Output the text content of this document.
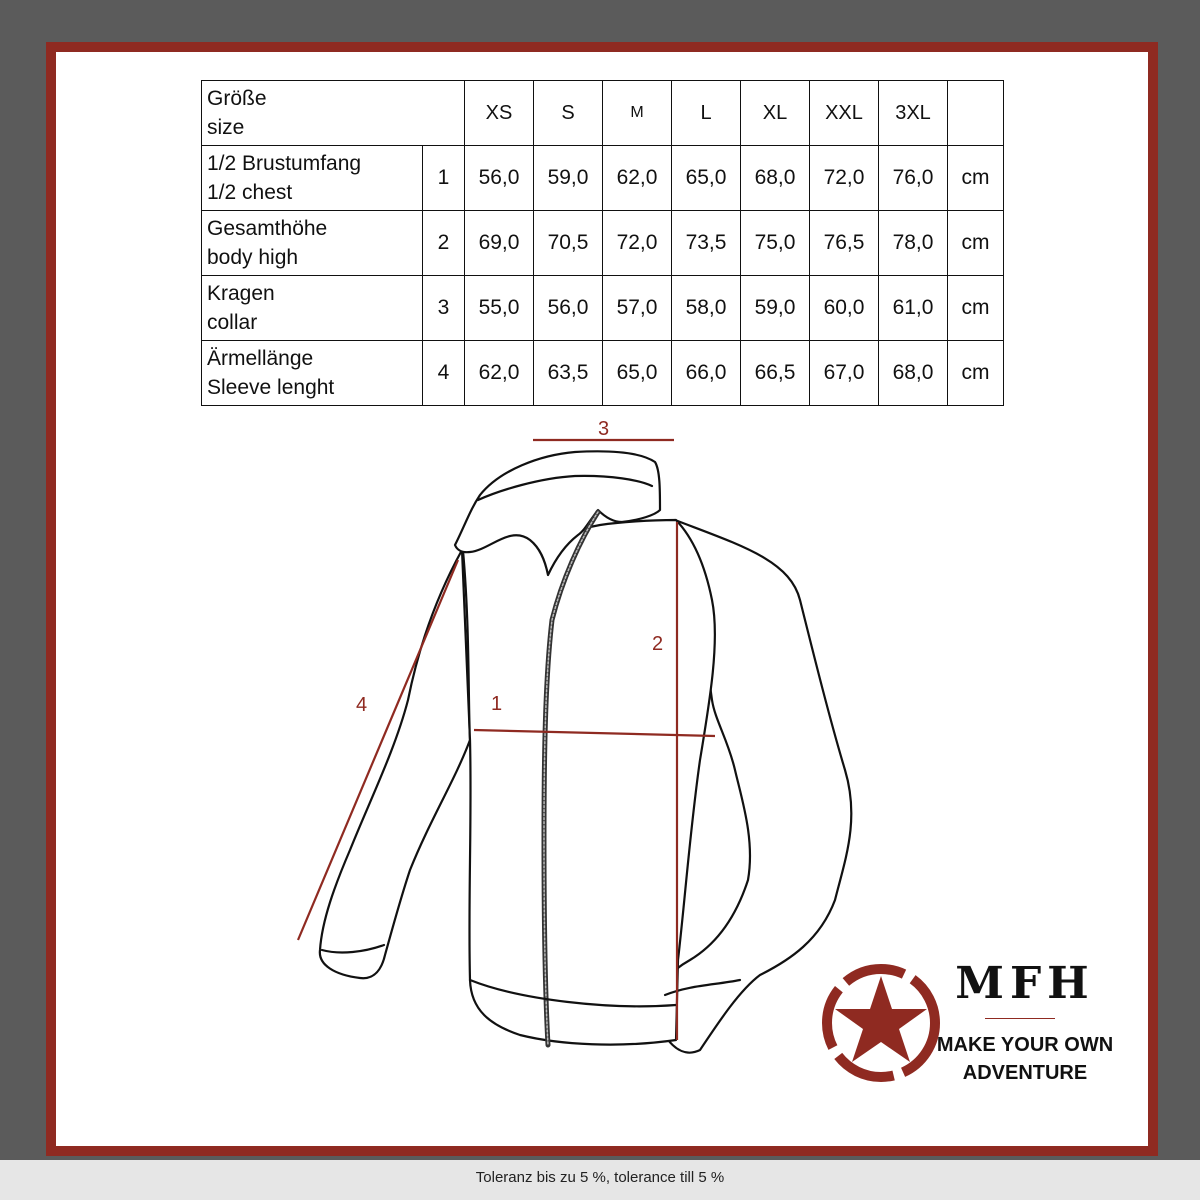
Größe
size		XS	S	M	L	XL	XXL	3XL	

1/2 Brustumfang
1/2 chest	1	56,0	59,0	62,0	65,0	68,0	72,0	76,0	cm

Gesamthöhe
body high	2	69,0	70,5	72,0	73,5	75,0	76,5	78,0	cm

Kragen
collar	3	55,0	56,0	57,0	58,0	59,0	60,0	61,0	cm

Ärmellänge
Sleeve lenght	4	62,0	63,5	65,0	66,0	66,5	67,0	68,0	cm
3
1
2
4
MFH
MAKE YOUR OWN
ADVENTURE
Toleranz bis zu 5 %, tolerance till 5 %
